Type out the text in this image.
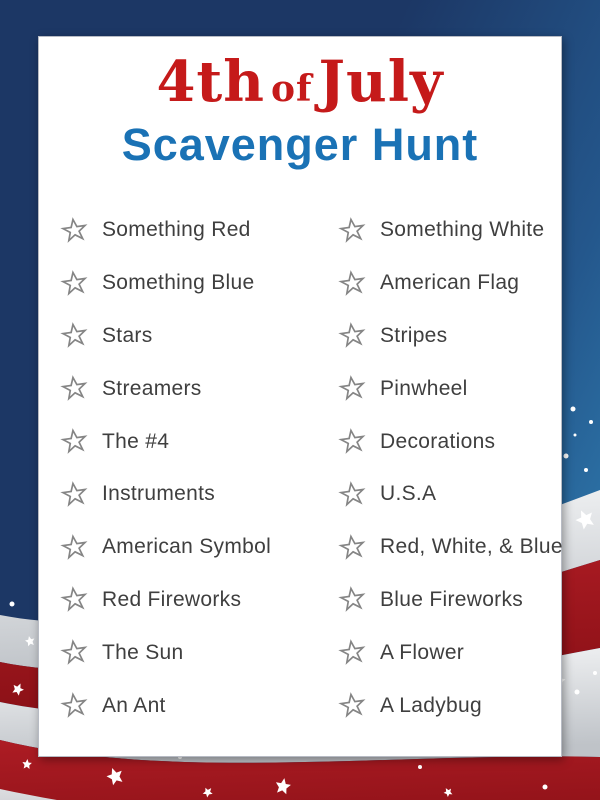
4th of July
Scavenger Hunt
Something Red
Something Blue
Stars
Streamers
The #4
Instruments
American Symbol
Red Fireworks
The Sun
An Ant
Something White
American Flag
Stripes
Pinwheel
Decorations
U.S.A
Red, White, & Blue
Blue Fireworks
A Flower
A Ladybug
